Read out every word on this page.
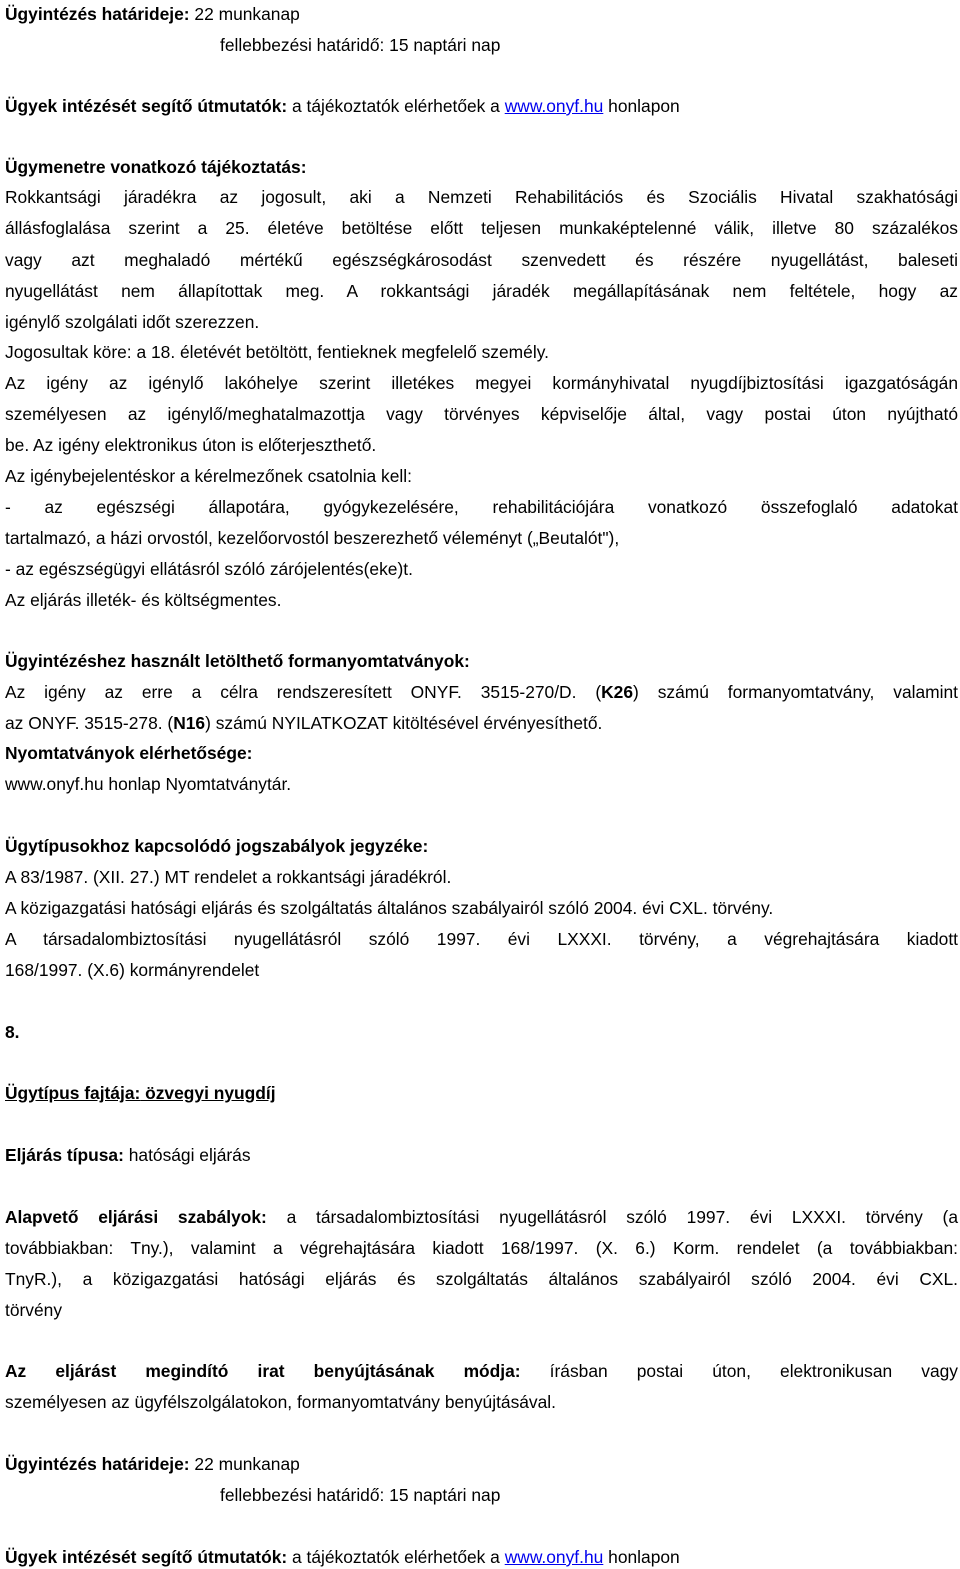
Ügyintézés határideje: 22 munkanap
fellebbezési határidő: 15 naptári nap
Ügyek intézését segítő útmutatók: a tájékoztatók elérhetőek a www.onyf.hu honlapon
Ügymenetre vonatkozó tájékoztatás:
Rokkantsági járadékra az jogosult, aki a Nemzeti Rehabilitációs és Szociális Hivatal szakhatósági
állásfoglalása szerint a 25. életéve betöltése előtt teljesen munkaképtelenné válik, illetve 80 százalékos
vagy azt meghaladó mértékű egészségkárosodást szenvedett és részére nyugellátást, baleseti
nyugellátást nem állapítottak meg. A rokkantsági járadék megállapításának nem feltétele, hogy az
igénylő szolgálati időt szerezzen.
Jogosultak köre: a 18. életévét betöltött, fentieknek megfelelő személy.
Az igény az igénylő lakóhelye szerint illetékes megyei kormányhivatal nyugdíjbiztosítási igazgatóságán
személyesen az igénylő/meghatalmazottja vagy törvényes képviselője által, vagy postai úton nyújtható
be. Az igény elektronikus úton is előterjeszthető.
Az igénybejelentéskor a kérelmezőnek csatolnia kell:
- az egészségi állapotára, gyógykezelésére, rehabilitációjára vonatkozó összefoglaló adatokat
tartalmazó, a házi orvostól, kezelőorvostól beszerezhető véleményt („Beutalót"),
- az egészségügyi ellátásról szóló zárójelentés(eke)t.
Az eljárás illeték- és költségmentes.
Ügyintézéshez használt letölthető formanyomtatványok:
Az igény az erre a célra rendszeresített ONYF. 3515-270/D. (K26) számú formanyomtatvány, valamint
az ONYF. 3515-278. (N16) számú NYILATKOZAT kitöltésével érvényesíthető.
Nyomtatványok elérhetősége:
www.onyf.hu honlap Nyomtatványtár.
Ügytípusokhoz kapcsolódó jogszabályok jegyzéke:
A 83/1987. (XII. 27.) MT rendelet a rokkantsági járadékról.
A közigazgatási hatósági eljárás és szolgáltatás általános szabályairól szóló 2004. évi CXL. törvény.
A társadalombiztosítási nyugellátásról szóló 1997. évi LXXXI. törvény, a végrehajtására kiadott
168/1997. (X.6) kormányrendelet
8.
Ügytípus fajtája: özvegyi nyugdíj
Eljárás típusa: hatósági eljárás
Alapvető eljárási szabályok: a társadalombiztosítási nyugellátásról szóló 1997. évi LXXXI. törvény (a
továbbiakban: Tny.), valamint a végrehajtására kiadott 168/1997. (X. 6.) Korm. rendelet (a továbbiakban:
TnyR.), a közigazgatási hatósági eljárás és szolgáltatás általános szabályairól szóló 2004. évi CXL.
törvény
Az eljárást megindító irat benyújtásának módja: írásban postai úton, elektronikusan vagy
személyesen az ügyfélszolgálatokon, formanyomtatvány benyújtásával.
Ügyintézés határideje: 22 munkanap
fellebbezési határidő: 15 naptári nap
Ügyek intézését segítő útmutatók: a tájékoztatók elérhetőek a www.onyf.hu honlapon
